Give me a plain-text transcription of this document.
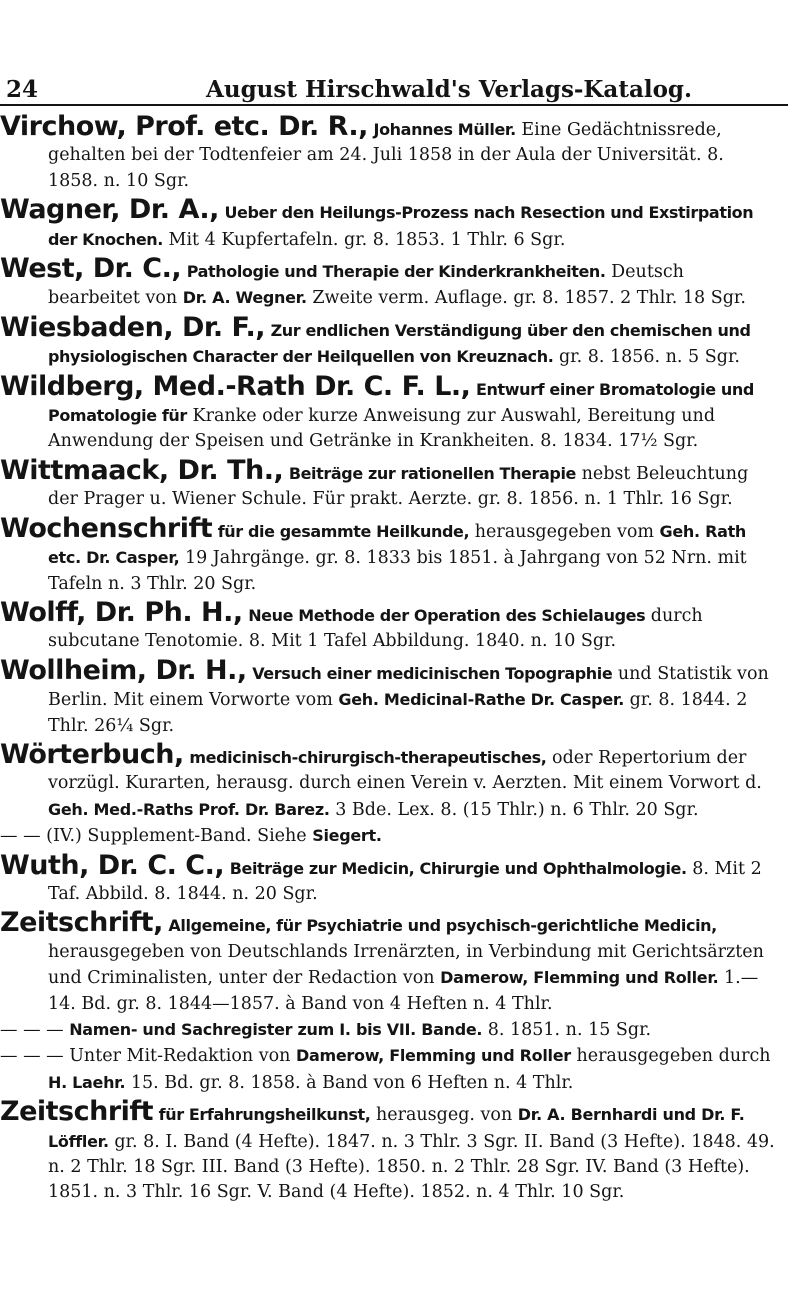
24	August Hirschwald's Verlags-Katalog.

Virchow, Prof. etc. Dr. R., Johannes Müller. Eine Gedächtnissrede, gehalten bei der Todtenfeier am 24. Juli 1858 in der Aula der Universität. 8. 1858. n. 10 Sgr.

Wagner, Dr. A., Ueber den Heilungs-Prozess nach Resection und Exstirpation der Knochen. Mit 4 Kupfertafeln. gr. 8. 1853. 1 Thlr. 6 Sgr.

West, Dr. C., Pathologie und Therapie der Kinderkrankheiten. Deutsch bearbeitet von Dr. A. Wegner. Zweite verm. Auflage. gr. 8. 1857. 2 Thlr. 18 Sgr.

Wiesbaden, Dr. F., Zur endlichen Verständigung über den chemischen und physiologischen Character der Heilquellen von Kreuznach. gr. 8. 1856. n. 5 Sgr.

Wildberg, Med.-Rath Dr. C. F. L., Entwurf einer Bromatologie und Pomatologie für Kranke oder kurze Anweisung zur Auswahl, Bereitung und Anwendung der Speisen und Getränke in Krankheiten. 8. 1834. 17½ Sgr.

Wittmaack, Dr. Th., Beiträge zur rationellen Therapie nebst Beleuchtung der Prager u. Wiener Schule. Für prakt. Aerzte. gr. 8. 1856. n. 1 Thlr. 16 Sgr.

Wochenschrift für die gesammte Heilkunde, herausgegeben vom Geh. Rath etc. Dr. Casper, 19 Jahrgänge. gr. 8. 1833 bis 1851. à Jahrgang von 52 Nrn. mit Tafeln n. 3 Thlr. 20 Sgr.

Wolff, Dr. Ph. H., Neue Methode der Operation des Schielauges durch subcutane Tenotomie. 8. Mit 1 Tafel Abbildung. 1840. n. 10 Sgr.

Wollheim, Dr. H., Versuch einer medicinischen Topographie und Statistik von Berlin. Mit einem Vorworte vom Geh. Medicinal-Rathe Dr. Casper. gr. 8. 1844. 2 Thlr. 26¼ Sgr.

Wörterbuch, medicinisch-chirurgisch-therapeutisches, oder Repertorium der vorzügl. Kurarten, herausg. durch einen Verein v. Aerzten. Mit einem Vorwort d. Geh. Med.-Raths Prof. Dr. Barez. 3 Bde. Lex. 8. (15 Thlr.) n. 6 Thlr. 20 Sgr.

— — (IV.) Supplement-Band. Siehe Siegert.

Wuth, Dr. C. C., Beiträge zur Medicin, Chirurgie und Ophthalmologie. 8. Mit 2 Taf. Abbild. 8. 1844. n. 20 Sgr.

Zeitschrift, Allgemeine, für Psychiatrie und psychisch-gerichtliche Medicin, herausgegeben von Deutschlands Irrenärzten, in Verbindung mit Gerichtsärzten und Criminalisten, unter der Redaction von Damerow, Flemming und Roller. 1.—14. Bd. gr. 8. 1844—1857. à Band von 4 Heften n. 4 Thlr.

— — — Namen- und Sachregister zum I. bis VII. Bande. 8. 1851. n. 15 Sgr.

— — — Unter Mit-Redaktion von Damerow, Flemming und Roller herausgegeben durch H. Laehr. 15. Bd. gr. 8. 1858. à Band von 6 Heften n. 4 Thlr.

Zeitschrift für Erfahrungsheilkunst, herausgeg. von Dr. A. Bernhardi und Dr. F. Löffler. gr. 8. I. Band (4 Hefte). 1847. n. 3 Thlr. 3 Sgr. II. Band (3 Hefte). 1848. 49. n. 2 Thlr. 18 Sgr. III. Band (3 Hefte). 1850. n. 2 Thlr. 28 Sgr. IV. Band (3 Hefte). 1851. n. 3 Thlr. 16 Sgr. V. Band (4 Hefte). 1852. n. 4 Thlr. 10 Sgr.
